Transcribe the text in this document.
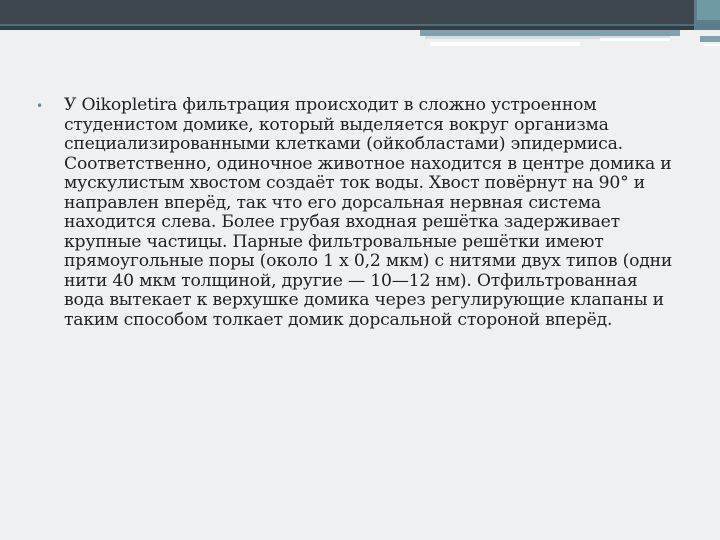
•	У Oikopletira фильтрация происходит в сложно устроенном студенистом домике, который выделяется вокруг организма специализированными клетками (ойкобластами) эпидермиса. Соответственно, одиночное животное находится в центре домика и мускулистым хвостом создаёт ток воды. Хвост повёрнут на 90° и направлен вперёд, так что его дорсальная нервная система находится слева. Более грубая входная решётка задерживает крупные частицы. Парные фильтровальные решётки имеют прямоугольные поры (около 1 х 0,2 мкм) с нитями двух типов (одни нити 40 мкм толщиной, другие — 10—12 нм). Отфильтрованная вода вытекает к верхушке домика через регулирующие клапаны и таким способом толкает домик дорсальной стороной вперёд.
